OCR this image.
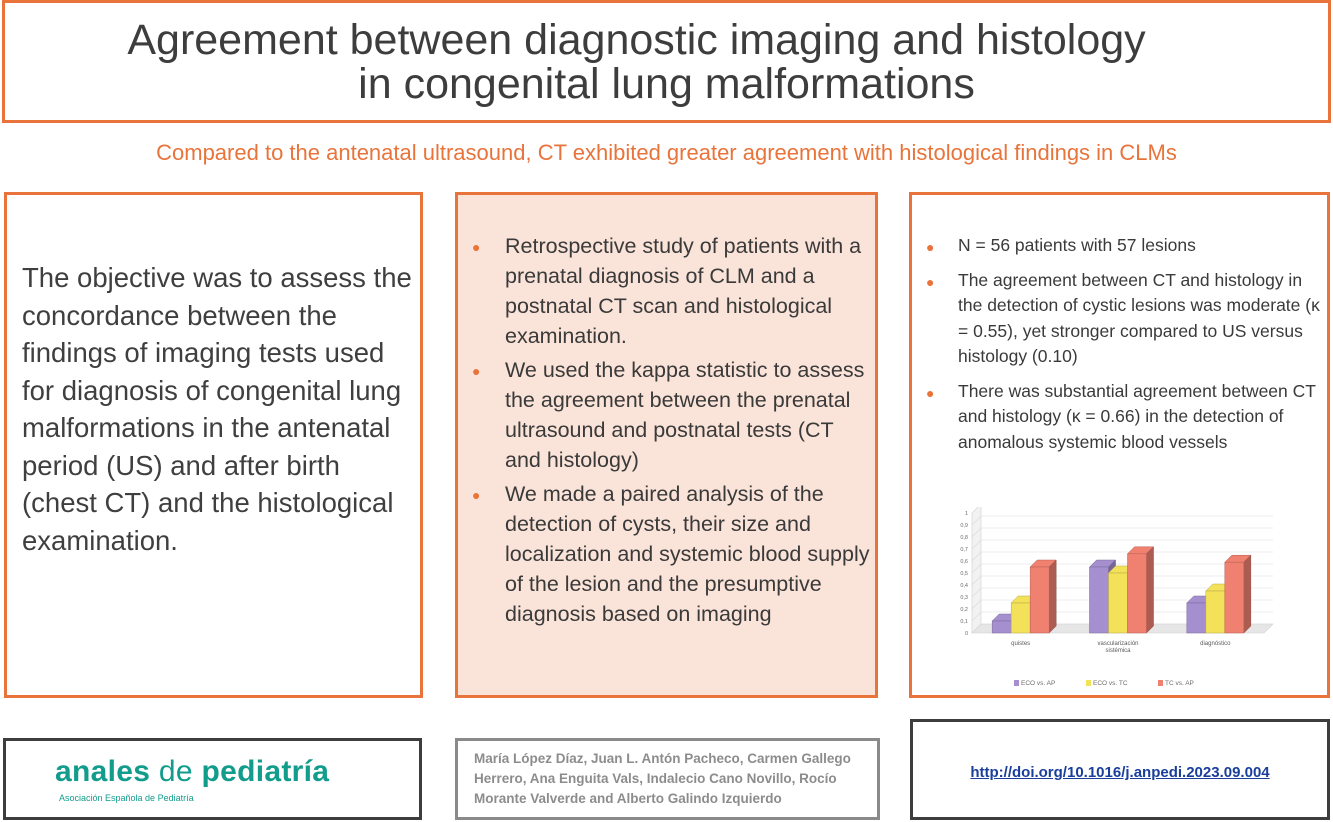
Agreement between diagnostic imaging and histology
in congenital lung malformations
Compared to the antenatal ultrasound, CT exhibited greater agreement with histological findings in CLMs
The objective was to assess the concordance between the findings of imaging tests used for diagnosis of congenital lung malformations in the antenatal period (US) and after birth (chest CT) and the histological examination.
● Retrospective study of patients with a prenatal diagnosis of CLM and a postnatal CT scan and histological examination.
● We used the kappa statistic to assess the agreement between the prenatal ultrasound and postnatal tests (CT and histology)
● We made a paired analysis of the detection of cysts, their size and localization and systemic blood supply of the lesion and the presumptive diagnosis based on imaging
● N = 56 patients with 57 lesions
● The agreement between CT and histology in the detection of cystic lesions was moderate (κ = 0.55), yet stronger compared to US versus histology (0.10)
● There was substantial agreement between CT and histology (κ = 0.66) in the detection of anomalous systemic blood vessels
0
0,1
0,2
0,3
0,4
0,5
0,6
0,7
0,8
0,9
1
quistes	vascularización sistémica
diagnóstico
ECO vs. AP	ECO vs. TC	TC vs. AP
anales de pediatría
Asociación Española de Pediatría
María López Díaz, Juan L. Antón Pacheco, Carmen Gallego Herrero, Ana Enguita Vals, Indalecio Cano Novillo, Rocío Morante Valverde and Alberto Galindo Izquierdo
http://doi.org/10.1016/j.anpedi.2023.09.004
